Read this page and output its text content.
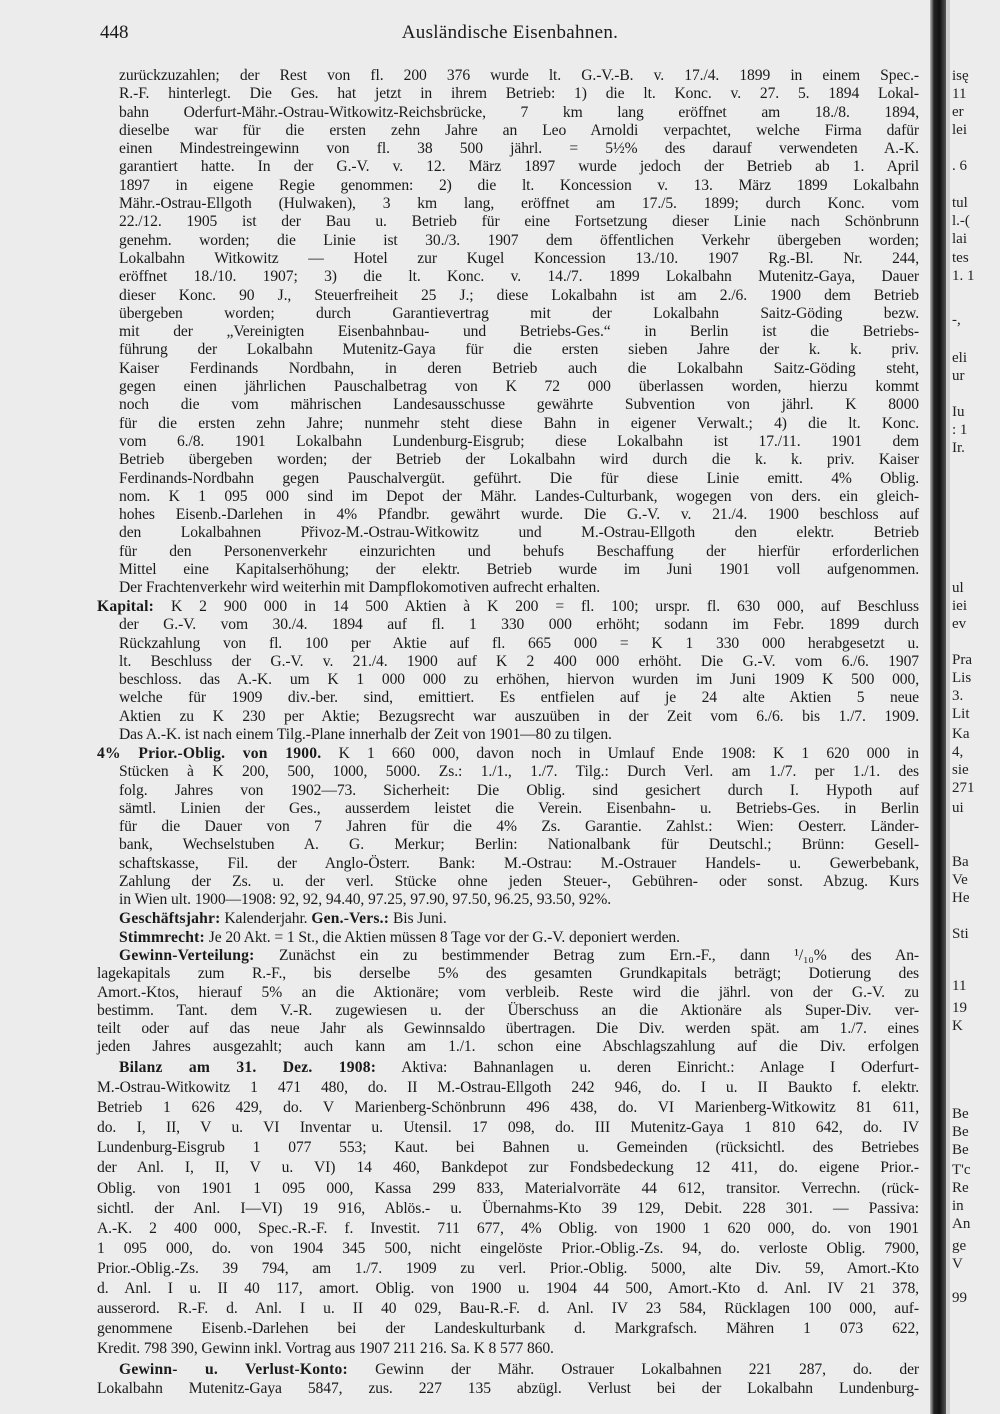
448	Ausländische Eisenbahnen.
zurückzuzahlen; der Rest von fl. 200 376 wurde lt. G.-V.-B. v. 17./4. 1899 in einem Spec.-
R.-F. hinterlegt. Die Ges. hat jetzt in ihrem Betrieb: 1) die lt. Konc. v. 27. 5. 1894 Lokal-
bahn Oderfurt-Mähr.-Ostrau-Witkowitz-Reichsbrücke, 7 km lang eröffnet am 18./8. 1894,
dieselbe war für die ersten zehn Jahre an Leo Arnoldi verpachtet, welche Firma dafür
einen Mindestreingewinn von fl. 38 500 jährl. = 5½% des darauf verwendeten A.-K.
garantiert hatte. In der G.-V. v. 12. März 1897 wurde jedoch der Betrieb ab 1. April
1897 in eigene Regie genommen: 2) die lt. Koncession v. 13. März 1899 Lokalbahn
Mähr.-Ostrau-Ellgoth (Hulwaken), 3 km lang, eröffnet am 17./5. 1899; durch Konc. vom
22./12. 1905 ist der Bau u. Betrieb für eine Fortsetzung dieser Linie nach Schönbrunn
genehm. worden; die Linie ist 30./3. 1907 dem öffentlichen Verkehr übergeben worden;
Lokalbahn Witkowitz — Hotel zur Kugel Koncession 13./10. 1907 Rg.-Bl. Nr. 244,
eröffnet 18./10. 1907; 3) die lt. Konc. v. 14./7. 1899 Lokalbahn Mutenitz-Gaya, Dauer
dieser Konc. 90 J., Steuerfreiheit 25 J.; diese Lokalbahn ist am 2./6. 1900 dem Betrieb
übergeben worden; durch Garantievertrag mit der Lokalbahn Saitz-Göding bezw.
mit der „Vereinigten Eisenbahnbau- und Betriebs-Ges.“ in Berlin ist die Betriebs-
führung der Lokalbahn Mutenitz-Gaya für die ersten sieben Jahre der k. k. priv.
Kaiser Ferdinands Nordbahn, in deren Betrieb auch die Lokalbahn Saitz-Göding steht,
gegen einen jährlichen Pauschalbetrag von K 72 000 überlassen worden, hierzu kommt
noch die vom mährischen Landesausschusse gewährte Subvention von jährl. K 8000
für die ersten zehn Jahre; nunmehr steht diese Bahn in eigener Verwalt.; 4) die lt. Konc.
vom 6./8. 1901 Lokalbahn Lundenburg-Eisgrub; diese Lokalbahn ist 17./11. 1901 dem
Betrieb übergeben worden; der Betrieb der Lokalbahn wird durch die k. k. priv. Kaiser
Ferdinands-Nordbahn gegen Pauschalvergüt. geführt. Die für diese Linie emitt. 4% Oblig.
nom. K 1 095 000 sind im Depot der Mähr. Landes-Culturbank, wogegen von ders. ein gleich-
hohes Eisenb.-Darlehen in 4% Pfandbr. gewährt wurde. Die G.-V. v. 21./4. 1900 beschloss auf
den Lokalbahnen Přivoz-M.-Ostrau-Witkowitz und M.-Ostrau-Ellgoth den elektr. Betrieb
für den Personenverkehr einzurichten und behufs Beschaffung der hierfür erforderlichen
Mittel eine Kapitalserhöhung; der elektr. Betrieb wurde im Juni 1901 voll aufgenommen.
Der Frachtenverkehr wird weiterhin mit Dampflokomotiven aufrecht erhalten.
Kapital: K 2 900 000 in 14 500 Aktien à K 200 = fl. 100; urspr. fl. 630 000, auf Beschluss
der G.-V. vom 30./4. 1894 auf fl. 1 330 000 erhöht; sodann im Febr. 1899 durch
Rückzahlung von fl. 100 per Aktie auf fl. 665 000 = K 1 330 000 herabgesetzt u.
lt. Beschluss der G.-V. v. 21./4. 1900 auf K 2 400 000 erhöht. Die G.-V. vom 6./6. 1907
beschloss. das A.-K. um K 1 000 000 zu erhöhen, hiervon wurden im Juni 1909 K 500 000,
welche für 1909 div.-ber. sind, emittiert. Es entfielen auf je 24 alte Aktien 5 neue
Aktien zu K 230 per Aktie; Bezugsrecht war auszuüben in der Zeit vom 6./6. bis 1./7. 1909.
Das A.-K. ist nach einem Tilg.-Plane innerhalb der Zeit von 1901—80 zu tilgen.
4% Prior.-Oblig. von 1900. K 1 660 000, davon noch in Umlauf Ende 1908: K 1 620 000 in
Stücken à K 200, 500, 1000, 5000. Zs.: 1./1., 1./7. Tilg.: Durch Verl. am 1./7. per 1./1. des
folg. Jahres von 1902—73. Sicherheit: Die Oblig. sind gesichert durch I. Hypoth auf
sämtl. Linien der Ges., ausserdem leistet die Verein. Eisenbahn- u. Betriebs-Ges. in Berlin
für die Dauer von 7 Jahren für die 4% Zs. Garantie. Zahlst.: Wien: Oesterr. Länder-
bank, Wechselstuben A. G. Merkur; Berlin: Nationalbank für Deutschl.; Brünn: Gesell-
schaftskasse, Fil. der Anglo-Österr. Bank: M.-Ostrau: M.-Ostrauer Handels- u. Gewerbebank,
Zahlung der Zs. u. der verl. Stücke ohne jeden Steuer-, Gebühren- oder sonst. Abzug. Kurs
in Wien ult. 1900—1908: 92, 92, 94.40, 97.25, 97.90, 97.50, 96.25, 93.50, 92%.
Geschäftsjahr: Kalenderjahr. Gen.-Vers.: Bis Juni.
Stimmrecht: Je 20 Akt. = 1 St., die Aktien müssen 8 Tage vor der G.-V. deponiert werden.
Gewinn-Verteilung: Zunächst ein zu bestimmender Betrag zum Ern.-F., dann ¹/₁₀% des An-
lagekapitals zum R.-F., bis derselbe 5% des gesamten Grundkapitals beträgt; Dotierung des
Amort.-Ktos, hierauf 5% an die Aktionäre; vom verbleib. Reste wird die jährl. von der G.-V. zu
bestimm. Tant. dem V.-R. zugewiesen u. der Überschuss an die Aktionäre als Super-Div. ver-
teilt oder auf das neue Jahr als Gewinnsaldo übertragen. Die Div. werden spät. am 1./7. eines
jeden Jahres ausgezahlt; auch kann am 1./1. schon eine Abschlagszahlung auf die Div. erfolgen
Bilanz am 31. Dez. 1908: Aktiva: Bahnanlagen u. deren Einricht.: Anlage I Oderfurt-
M.-Ostrau-Witkowitz 1 471 480, do. II M.-Ostrau-Ellgoth 242 946, do. I u. II Baukto f. elektr.
Betrieb 1 626 429, do. V Marienberg-Schönbrunn 496 438, do. VI Marienberg-Witkowitz 81 611,
do. I, II, V u. VI Inventar u. Utensil. 17 098, do. III Mutenitz-Gaya 1 810 642, do. IV
Lundenburg-Eisgrub 1 077 553; Kaut. bei Bahnen u. Gemeinden (rücksichtl. des Betriebes
der Anl. I, II, V u. VI) 14 460, Bankdepot zur Fondsbedeckung 12 411, do. eigene Prior.-
Oblig. von 1901 1 095 000, Kassa 299 833, Materialvorräte 44 612, transitor. Verrechn. (rück-
sichtl. der Anl. I—VI) 19 916, Ablös.- u. Übernahms-Kto 39 129, Debit. 228 301. — Passiva:
A.-K. 2 400 000, Spec.-R.-F. f. Investit. 711 677, 4% Oblig. von 1900 1 620 000, do. von 1901
1 095 000, do. von 1904 345 500, nicht eingelöste Prior.-Oblig.-Zs. 94, do. verloste Oblig. 7900,
Prior.-Oblig.-Zs. 39 794, am 1./7. 1909 zu verl. Prior.-Oblig. 5000, alte Div. 59, Amort.-Kto
d. Anl. I u. II 40 117, amort. Oblig. von 1900 u. 1904 44 500, Amort.-Kto d. Anl. IV 21 378,
ausserord. R.-F. d. Anl. I u. II 40 029, Bau-R.-F. d. Anl. IV 23 584, Rücklagen 100 000, auf-
genommene Eisenb.-Darlehen bei der Landeskulturbank d. Markgrafsch. Mähren 1 073 622,
Kredit. 798 390, Gewinn inkl. Vortrag aus 1907 211 216. Sa. K 8 577 860.
Gewinn- u. Verlust-Konto: Gewinn der Mähr. Ostrauer Lokalbahnen 221 287, do. der
Lokalbahn Mutenitz-Gaya 5847, zus. 227 135 abzügl. Verlust bei der Lokalbahn Lundenburg-
isę
11
er
lei
. 6
tul
l.-(
lai
tes
1. 1
-,
eli
ur
Iu
: 1
Ir.
ul
iei
ev
Pra
Lis
3.
Lit
Ka
4,
sie
271
ui
Ba
Ve
He
Sti
11
19
K
Be
Be
Be
T'c
Re
in
An
ge
V
99
